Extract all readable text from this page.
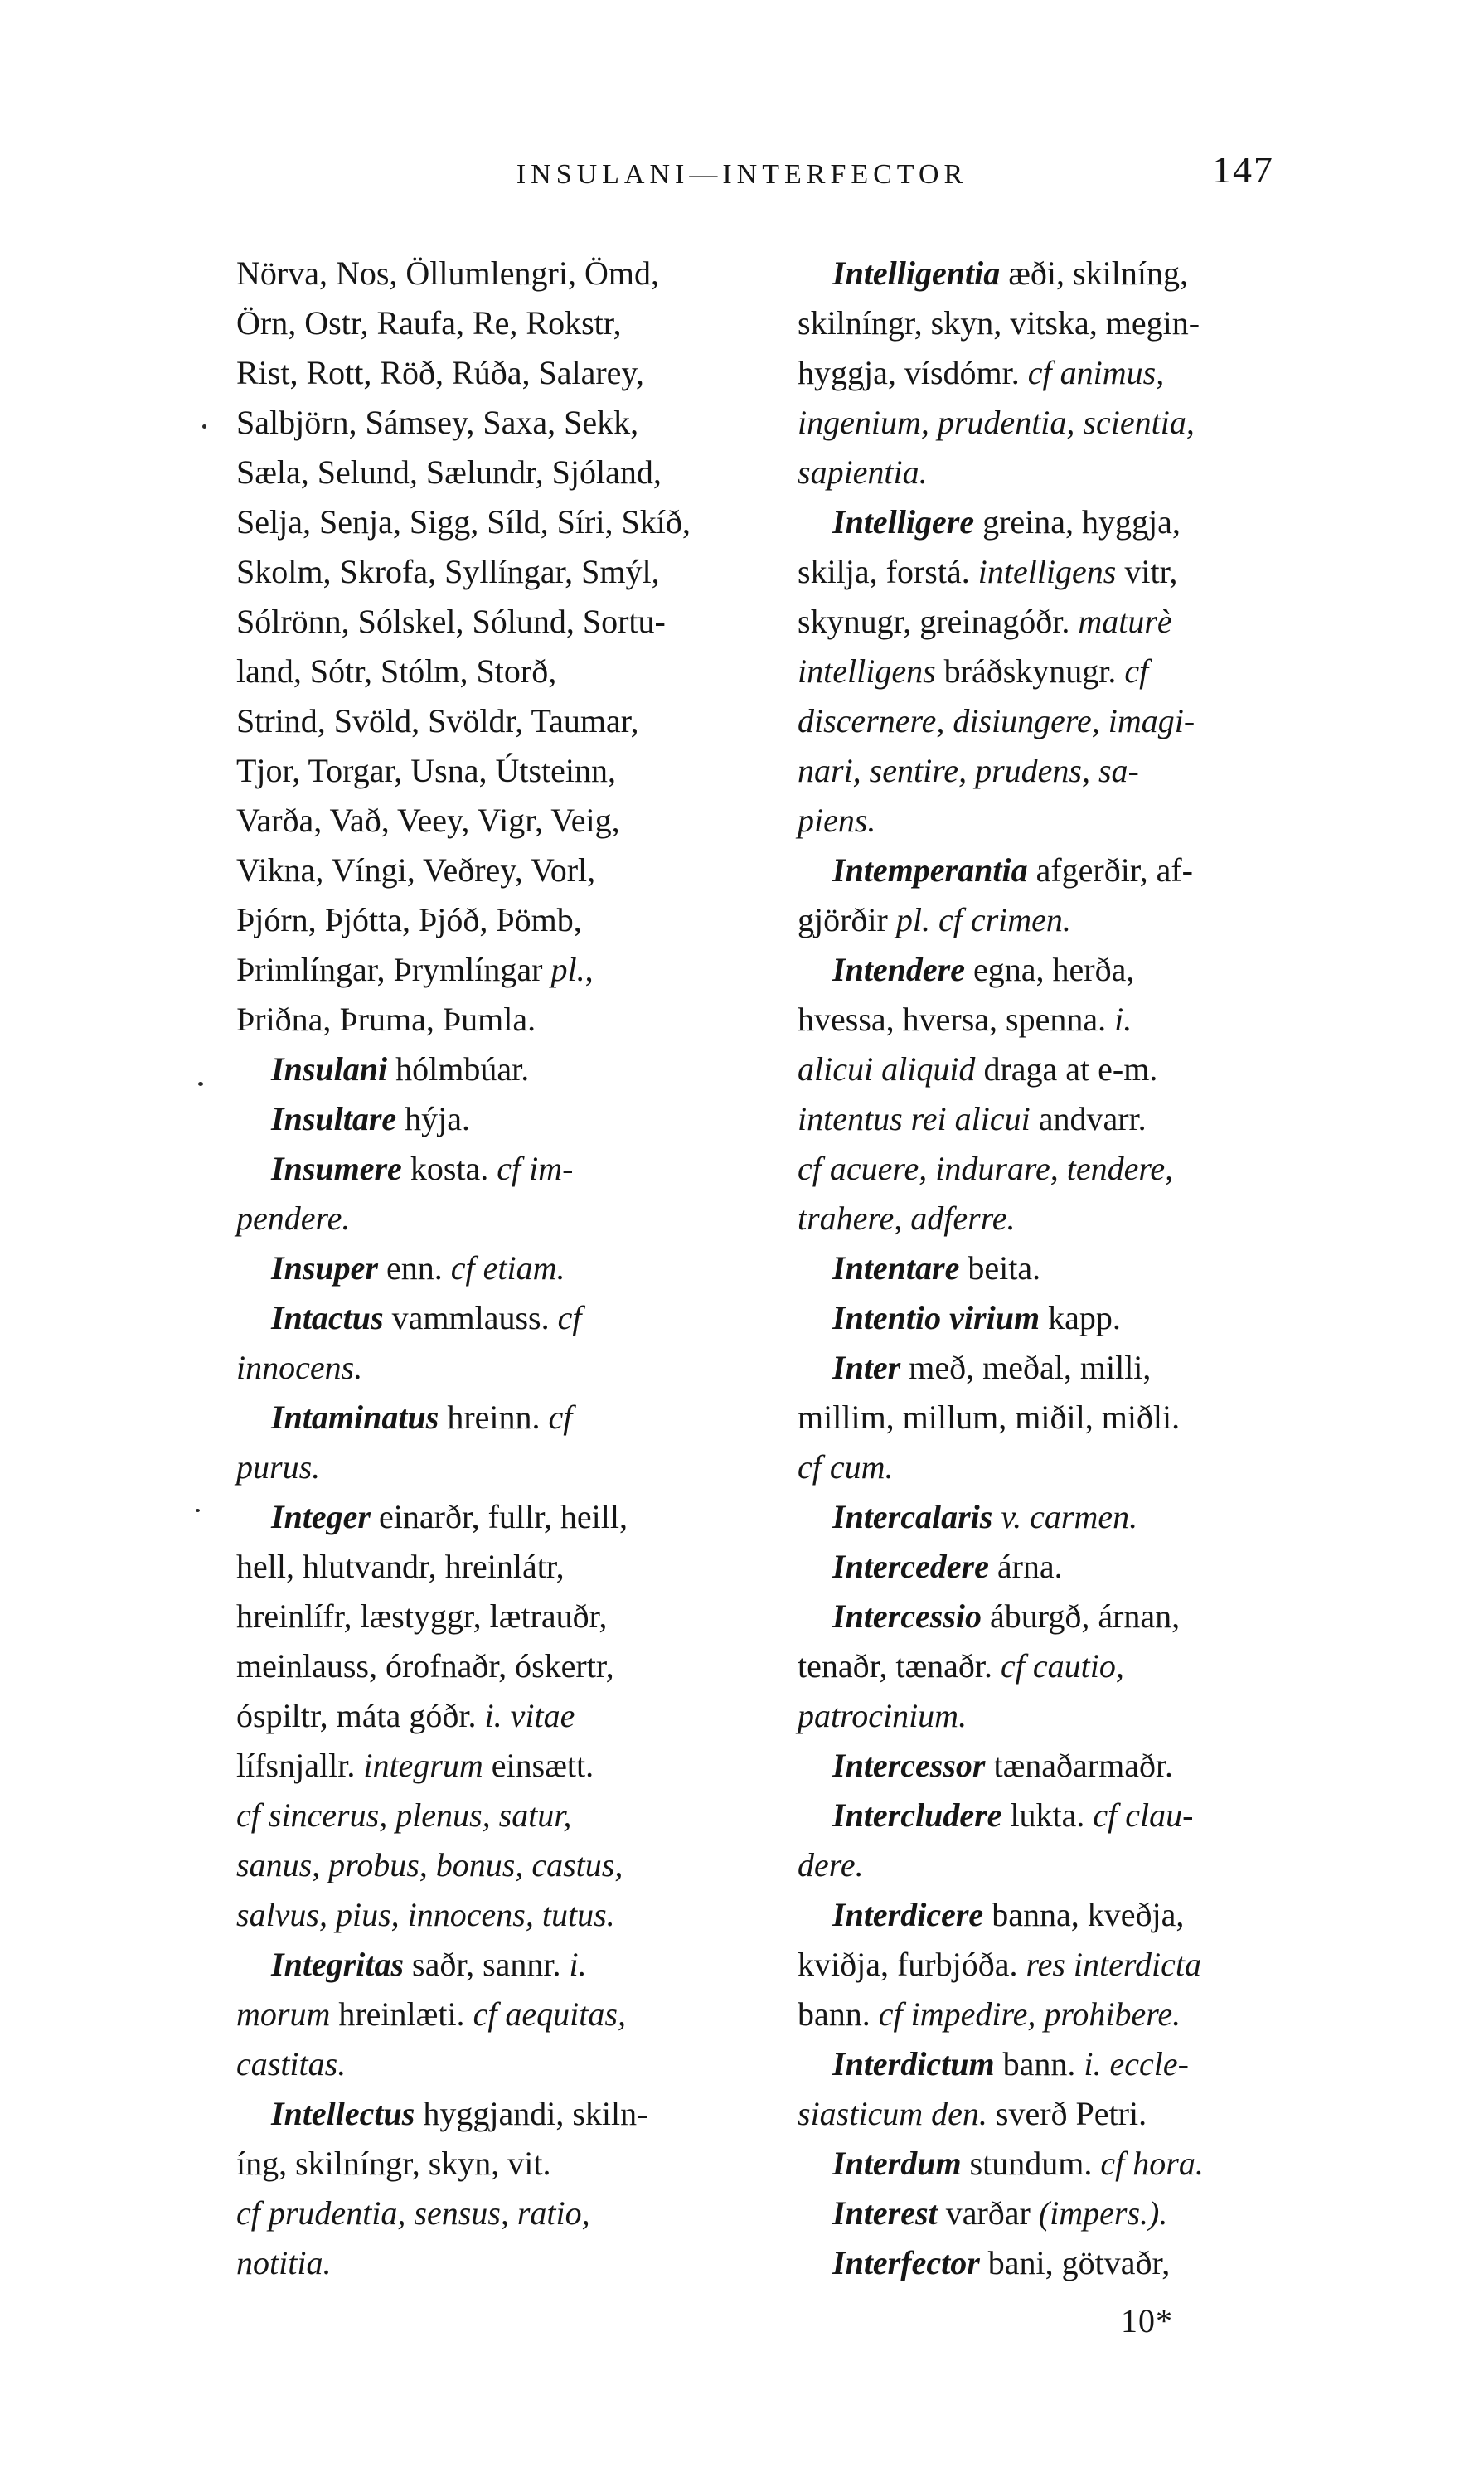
INSULANI—INTERFECTOR	147
Nörva, Nos, Öllumlengri, Ömd,
Örn, Ostr, Raufa, Re, Rokstr,
Rist, Rott, Röð, Rúða, Salarey,
Salbjörn, Sámsey, Saxa, Sekk,
Sæla, Selund, Sælundr, Sjóland,
Selja, Senja, Sigg, Síld, Síri, Skíð,
Skolm, Skrofa, Syllíngar, Smýl,
Sólrönn, Sólskel, Sólund, Sortu-
land, Sótr, Stólm, Storð,
Strind, Svöld, Svöldr, Taumar,
Tjor, Torgar, Usna, Útsteinn,
Varða, Vað, Veey, Vigr, Veig,
Vikna, Víngi, Veðrey, Vorl,
Þjórn, Þjótta, Þjóð, Þömb,
Þrimlíngar, Þrymlíngar pl.,
Þriðna, Þruma, Þumla.
Insulani hólmbúar.
Insultare hýja.
Insumere kosta. cf im-
pendere.
Insuper enn. cf etiam.
Intactus vammlauss. cf
innocens.
Intaminatus hreinn. cf
purus.
Integer einarðr, fullr, heill,
hell, hlutvandr, hreinlátr,
hreinlífr, læstyggr, lætrauðr,
meinlauss, órofnaðr, óskertr,
óspiltr, máta góðr. i. vitae
lífsnjallr. integrum einsætt.
cf sincerus, plenus, satur,
sanus, probus, bonus, castus,
salvus, pius, innocens, tutus.
Integritas saðr, sannr. i.
morum hreinlæti. cf aequitas,
castitas.
Intellectus hyggjandi, skiln-
íng, skilníngr, skyn, vit.
cf prudentia, sensus, ratio,
notitia.
Intelligentia æði, skilníng,
skilníngr, skyn, vitska, megin-
hyggja, vísdómr. cf animus,
ingenium, prudentia, scientia,
sapientia.
Intelligere greina, hyggja,
skilja, forstá. intelligens vitr,
skynugr, greinagóðr. maturè
intelligens bráðskynugr. cf
discernere, disiungere, imagi-
nari, sentire, prudens, sa-
piens.
Intemperantia afgerðir, af-
gjörðir pl. cf crimen.
Intendere egna, herða,
hvessa, hversa, spenna. i.
alicui aliquid draga at e-m.
intentus rei alicui andvarr.
cf acuere, indurare, tendere,
trahere, adferre.
Intentare beita.
Intentio virium kapp.
Inter með, meðal, milli,
millim, millum, miðil, miðli.
cf cum.
Intercalaris v. carmen.
Intercedere árna.
Intercessio áburgð, árnan,
tenaðr, tænaðr. cf cautio,
patrocinium.
Intercessor tænaðarmaðr.
Intercludere lukta. cf clau-
dere.
Interdicere banna, kveðja,
kviðja, furbjóða. res interdicta
bann. cf impedire, prohibere.
Interdictum bann. i. eccle-
siasticum den. sverð Petri.
Interdum stundum. cf hora.
Interest varðar (impers.).
Interfector bani, götvaðr,
10*
